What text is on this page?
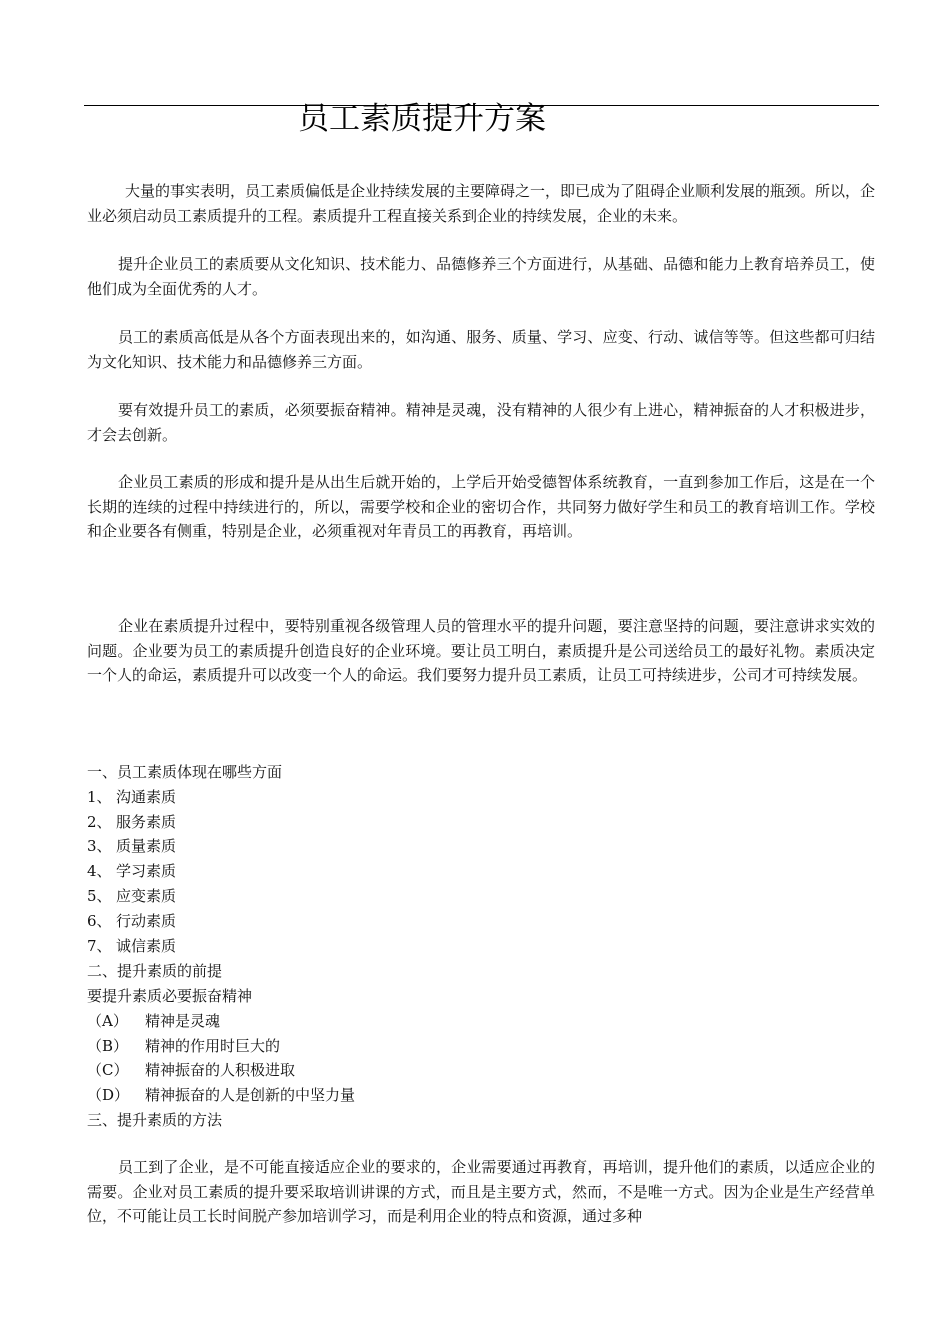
员工素质提升方案

大量的事实表明，员工素质偏低是企业持续发展的主要障碍之一，即已成为了阻碍企业顺利发展的瓶颈。所以，企业必须启动员工素质提升的工程。素质提升工程直接关系到企业的持续发展，企业的未来。

提升企业员工的素质要从文化知识、技术能力、品德修养三个方面进行，从基础、品德和能力上教育培养员工，使他们成为全面优秀的人才。

员工的素质高低是从各个方面表现出来的，如沟通、服务、质量、学习、应变、行动、诚信等等。但这些都可归结为文化知识、技术能力和品德修养三方面。

要有效提升员工的素质，必须要振奋精神。精神是灵魂，没有精神的人很少有上进心，精神振奋的人才积极进步，才会去创新。

企业员工素质的形成和提升是从出生后就开始的，上学后开始受德智体系统教育，一直到参加工作后，这是在一个长期的连续的过程中持续进行的，所以，需要学校和企业的密切合作，共同努力做好学生和员工的教育培训工作。学校和企业要各有侧重，特别是企业，必须重视对年青员工的再教育，再培训。

企业在素质提升过程中，要特别重视各级管理人员的管理水平的提升问题，要注意坚持的问题，要注意讲求实效的问题。企业要为员工的素质提升创造良好的企业环境。要让员工明白，素质提升是公司送给员工的最好礼物。素质决定一个人的命运，素质提升可以改变一个人的命运。我们要努力提升员工素质，让员工可持续进步，公司才可持续发展。

一、员工素质体现在哪些方面
1、 沟通素质
2、 服务素质
3、 质量素质
4、 学习素质
5、 应变素质
6、 行动素质
7、 诚信素质
二、提升素质的前提
要提升素质必要振奋精神
（A） 精神是灵魂
（B） 精神的作用时巨大的
（C） 精神振奋的人积极进取
（D） 精神振奋的人是创新的中坚力量
三、提升素质的方法

员工到了企业，是不可能直接适应企业的要求的，企业需要通过再教育，再培训，提升他们的素质，以适应企业的需要。企业对员工素质的提升要采取培训讲课的方式，而且是主要方式，然而，不是唯一方式。因为企业是生产经营单位，不可能让员工长时间脱产参加培训学习，而是利用企业的特点和资源，通过多种
